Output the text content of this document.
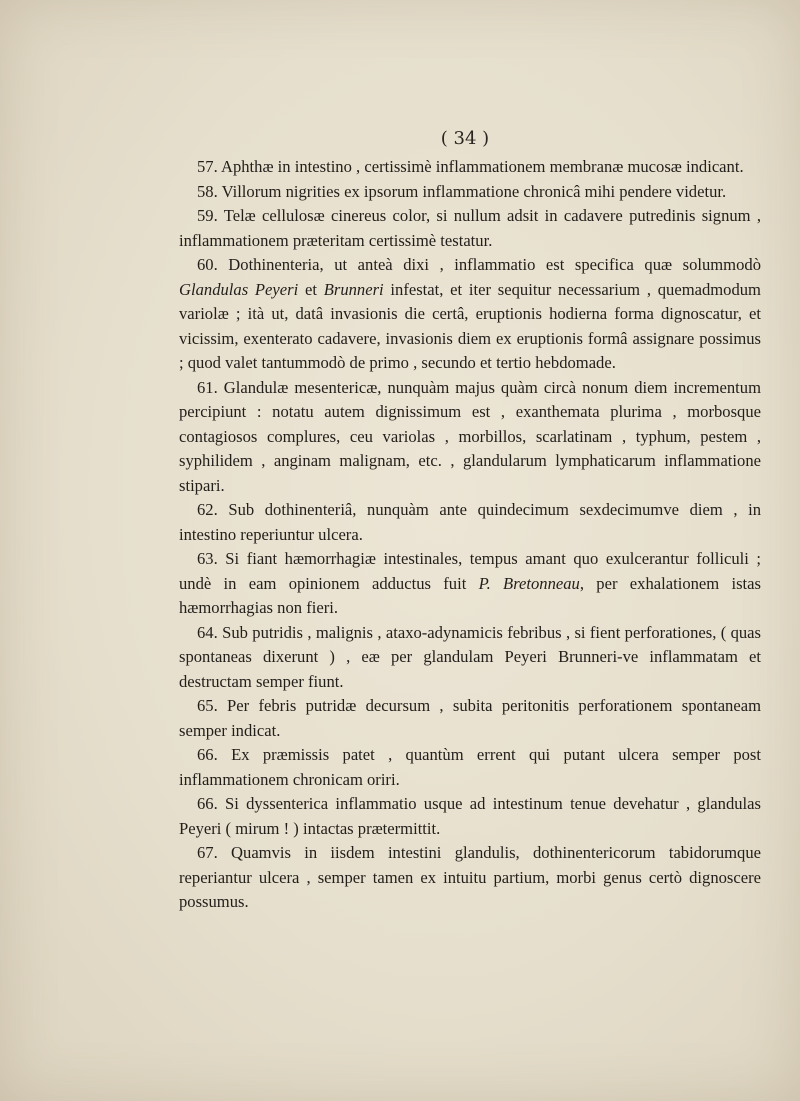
( 34 )

57. Aphthæ in intestino , certissimè inflammationem membranæ mucosæ indicant.

58. Villorum nigrities ex ipsorum inflammatione chronicâ mihi pendere videtur.

59. Telæ cellulosæ cinereus color, si nullum adsit in cadavere putredinis signum , inflammationem præteritam certissimè testatur.

60. Dothinenteria, ut anteà dixi , inflammatio est specifica quæ solummodò Glandulas Peyeri et Brunneri infestat, et iter sequitur necessarium , quemadmodum variolæ ; ità ut, datâ invasionis die certâ, eruptionis hodierna forma dignoscatur, et vicissim, exenterato cadavere, invasionis diem ex eruptionis formâ assignare possimus ; quod valet tantummodò de primo , secundo et tertio hebdomade.

61. Glandulæ mesentericæ, nunquàm majus quàm circà nonum diem incrementum percipiunt : notatu autem dignissimum est , exanthemata plurima , morbosque contagiosos complures, ceu variolas , morbillos, scarlatinam , typhum, pestem , syphilidem , anginam malignam, etc. , glandularum lymphaticarum inflammatione stipari.

62. Sub dothinenteriâ, nunquàm ante quindecimum sexdecimumve diem , in intestino reperiuntur ulcera.

63. Si fiant hæmorrhagiæ intestinales, tempus amant quo exulcerantur folliculi ; undè in eam opinionem adductus fuit P. Bretonneau, per exhalationem istas hæmorrhagias non fieri.

64. Sub putridis , malignis , ataxo-adynamicis febribus , si fient perforationes, ( quas spontaneas dixerunt ) , eæ per glandulam Peyeri Brunneri-ve inflammatam et destructam semper fiunt.

65. Per febris putridæ decursum , subita peritonitis perforationem spontaneam semper indicat.

66. Ex præmissis patet , quantùm errent qui putant ulcera semper post inflammationem chronicam oriri.

66. Si dyssenterica inflammatio usque ad intestinum tenue devehatur , glandulas Peyeri ( mirum ! ) intactas prætermittit.

67. Quamvis in iisdem intestini glandulis, dothinentericorum tabidorumque reperiantur ulcera , semper tamen ex intuitu partium, morbi genus certò dignoscere possumus.
